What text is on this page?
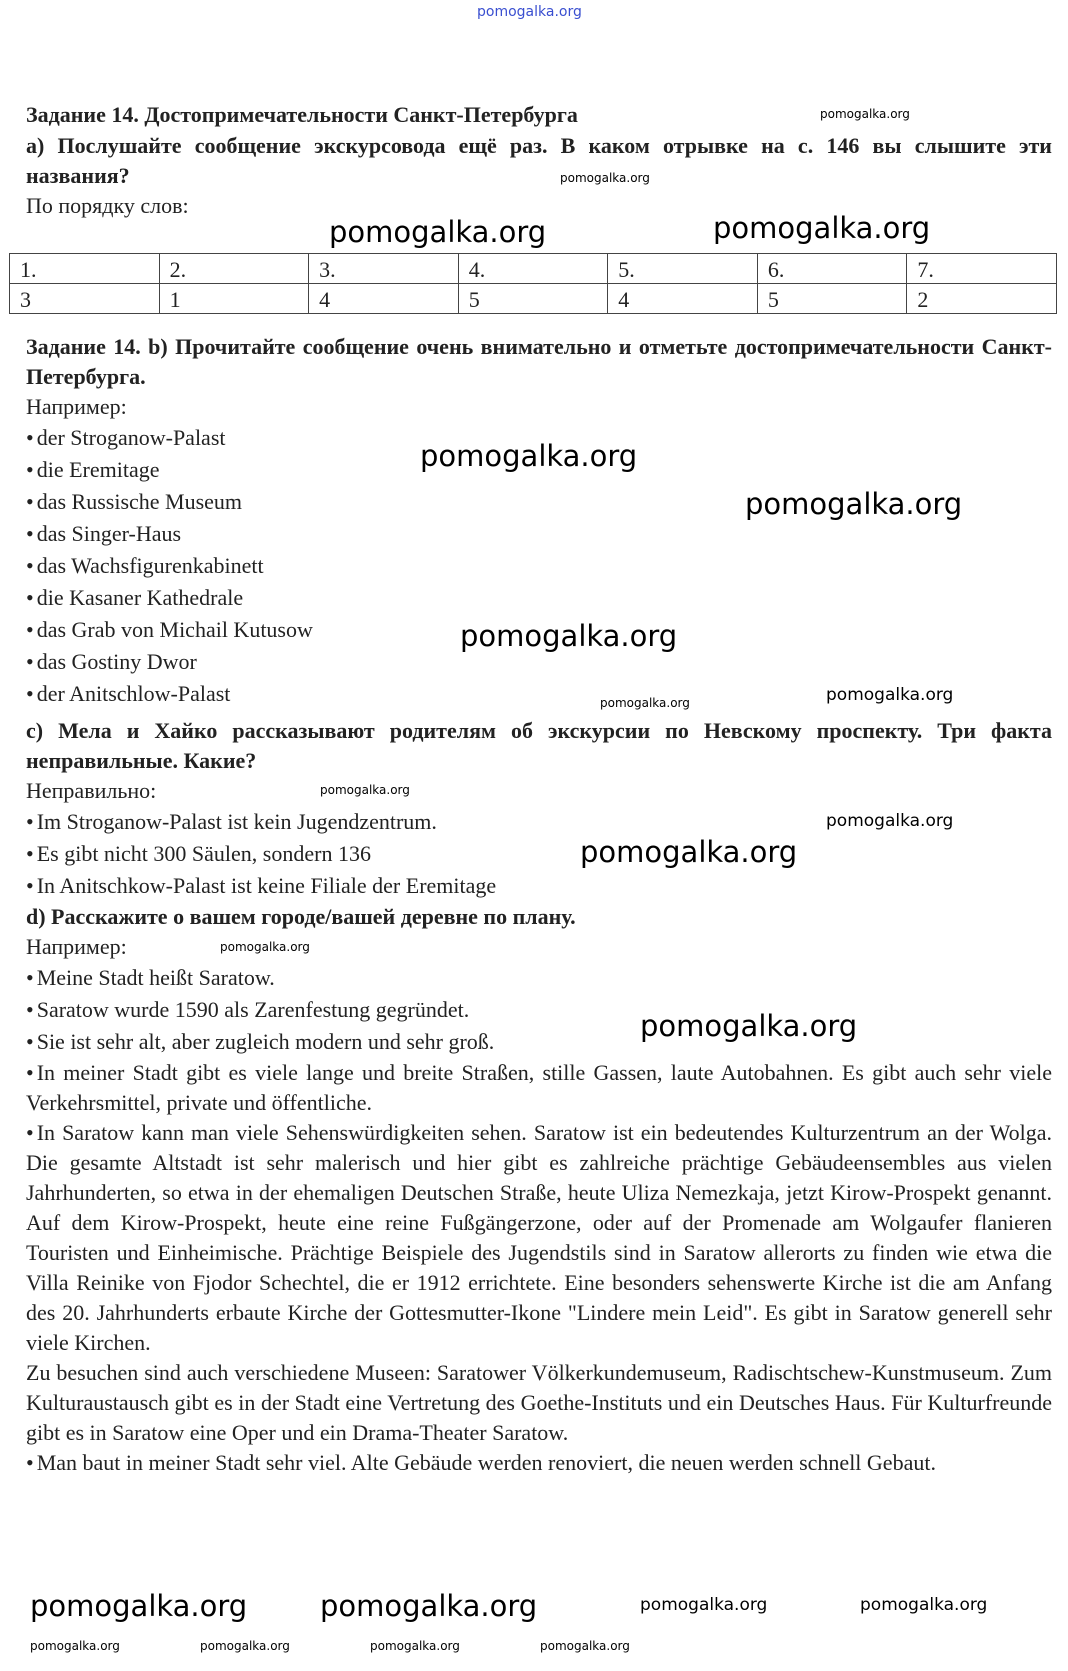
pomogalka.org
Задание 14. Достопримечательности Санкт-Петербурга

а) Послушайте сообщение экскурсовода ещё раз. В каком отрывке на с. 146 вы слышите эти названия?

По порядку слов:
1.	2.	3.	4.	5.	6.	7.
3	1	4	5	4	5	2

Задание 14. b) Прочитайте сообщение очень внимательно и отметьте достопримечательности Санкт-Петербурга.

Например:
• der Stroganow-Palast
• die Eremitage
• das Russische Museum
• das Singer-Haus
• das Wachsfigurenkabinett
• die Kasaner Kathedrale
• das Grab von Michail Kutusow
• das Gostiny Dwor
• der Anitschlow-Palast

c) Мела и Хайко рассказывают родителям об экскурсии по Невскому проспекту. Три факта неправильные. Какие?

Неправильно:
• Im Stroganow-Palast ist kein Jugendzentrum.
• Es gibt nicht 300 Säulen, sondern 136
• In Anitschkow-Palast ist keine Filiale der Eremitage
d) Расскажите о вашем городе/вашей деревне по плану.
Например:
• Meine Stadt heißt Saratow.
• Saratow wurde 1590 als Zarenfestung gegründet.
• Sie ist sehr alt, aber zugleich modern und sehr groß.
• In meiner Stadt gibt es viele lange und breite Straßen, stille Gassen, laute Autobahnen. Es gibt auch sehr viele Verkehrsmittel, private und öffentliche.
• In Saratow kann man viele Sehenswürdigkeiten sehen. Saratow ist ein bedeutendes Kulturzentrum an der Wolga. Die gesamte Altstadt ist sehr malerisch und hier gibt es zahlreiche prächtige Gebäudeensembles aus vielen Jahrhunderten, so etwa in der ehemaligen Deutschen Straße, heute Uliza Nemezkaja, jetzt Kirow-Prospekt genannt. Auf dem Kirow-Prospekt, heute eine reine Fußgängerzone, oder auf der Promenade am Wolgaufer flanieren Touristen und Einheimische. Prächtige Beispiele des Jugendstils sind in Saratow allerorts zu finden wie etwa die Villa Reinike von Fjodor Schechtel, die er 1912 errichtete. Eine besonders sehenswerte Kirche ist die am Anfang des 20. Jahrhunderts erbaute Kirche der Gottesmutter-Ikone "Lindere mein Leid". Es gibt in Saratow generell sehr viele Kirchen.
Zu besuchen sind auch verschiedene Museen: Saratower Völkerkundemuseum, Radischtschew-Kunstmuseum. Zum Kulturaustausch gibt es in der Stadt eine Vertretung des Goethe-Instituts und ein Deutsches Haus. Für Kulturfreunde gibt es in Saratow eine Oper und ein Drama-Theater Saratow.
• Man baut in meiner Stadt sehr viel. Alte Gebäude werden renoviert, die neuen werden schnell Gebaut.
pomogalka.org	pomogalka.org
pomogalka.org
pomogalka.org
pomogalka.org
pomogalka.org
pomogalka.org
pomogalka.org	pomogalka.org
pomogalka.org
pomogalka.org
pomogalka.org	pomogalka.org
pomogalka.org
pomogalka.org
pomogalka.org
pomogalka.org
pomogalka.org
pomogalka.org	pomogalka.org	pomogalka.org	pomogalka.org
